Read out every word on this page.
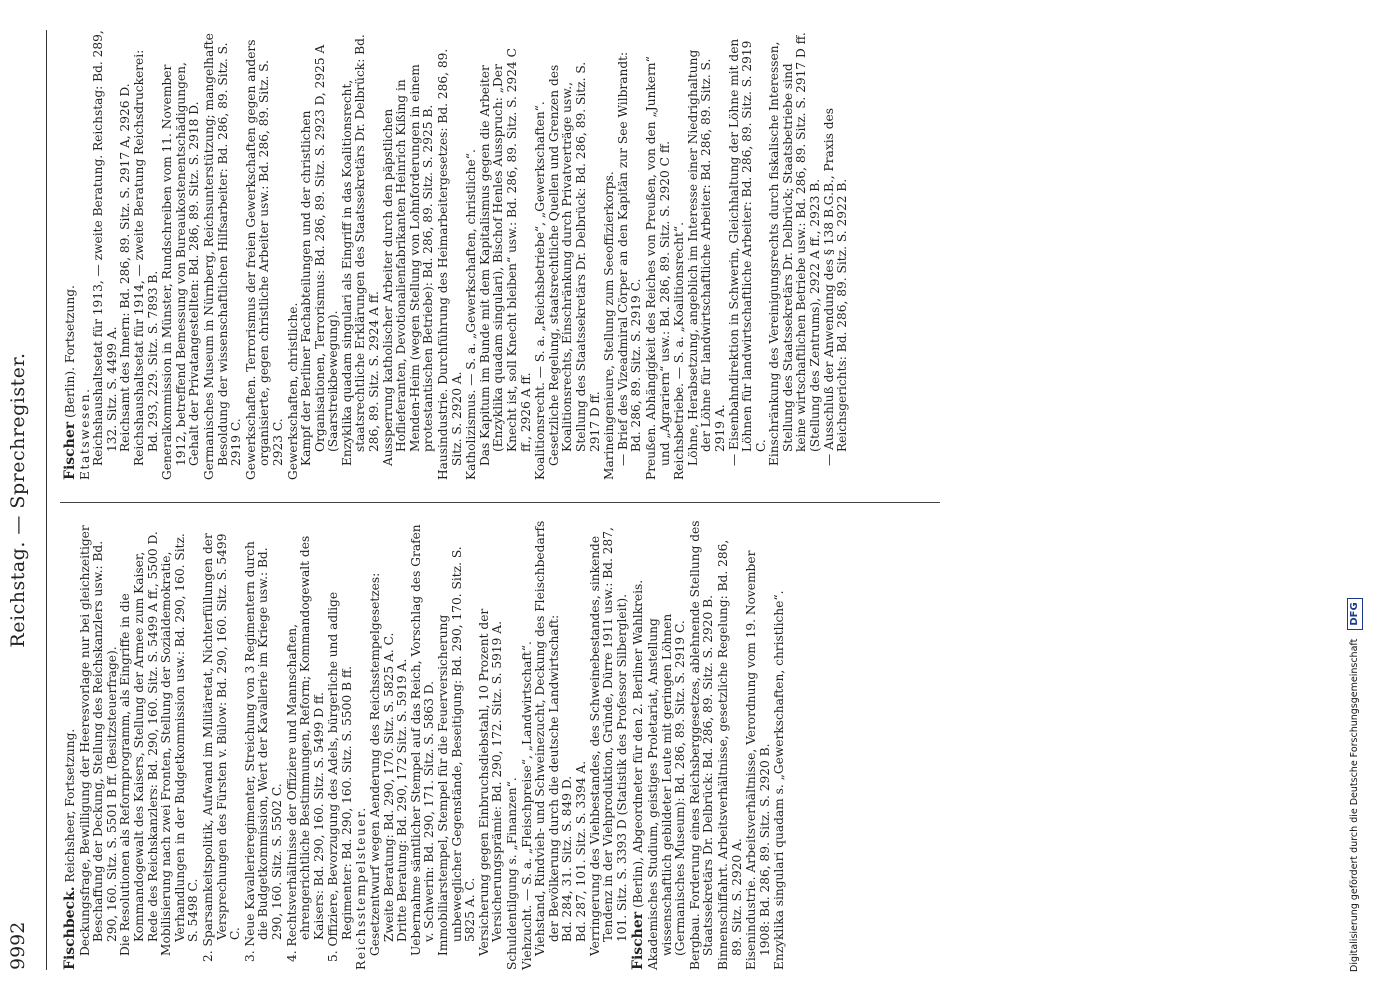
9992
Reichstag. — Sprechregister.

Fischbeck. Reichsheer, Fortsetzung. Deckungsfrage, Bewilligung der Heeresvorlage nur bei gleichzeitiger Beschaffung der Deckung, Stellung des Reichskanzlers usw.: Bd. 290, 160. Sitz. S. 5501 B ff. (Besitzsteuerfrage). Die Resolutionen als Reformprogramm, als Eingriffe in die Kommandogewalt des Kaisers, Stellung der Armee zum Kaiser, Rede des Reichskanzlers: Bd. 290, 160. Sitz. S. 5499 A ff., 5500 D. Mobilisierung nach zwei Fronten, Stellung der Sozialdemokratie, Verhandlungen in der Budgetkommission usw.: Bd. 290, 160. Sitz. S. 5498 C.

2. Sparsamkeitspolitik, Aufwand im Militäretat, Nichterfüllungen der Versprechungen des Fürsten v. Bülow: Bd. 290, 160. Sitz. S. 5499 C.

3. Neue Kavallerieregimenter, Streichung von 3 Regimentern durch die Budgetkommission, Wert der Kavallerie im Kriege usw.: Bd. 290, 160. Sitz. S. 5502 C.

4. Rechtsverhältnisse der Offiziere und Mannschaften, ehrengerichtliche Bestimmungen, Reform; Kommandogewalt des Kaisers: Bd. 290, 160. Sitz. S. 5499 D ff.

5. Offiziere, Bevorzugung des Adels, bürgerliche und adlige Regimenter: Bd. 290, 160. Sitz. S. 5500 B ff. Reichsstempelsteuer. Gesetzentwurf wegen Aenderung des Reichsstempelgesetzes: Zweite Beratung: Bd. 290, 170. Sitz. S. 5825 A. C. Dritte Beratung: Bd. 290, 172 Sitz. S. 5919 A. Uebernahme sämtlicher Stempel auf das Reich, Vorschlag des Grafen v. Schwerin: Bd. 290, 171. Sitz. S. 5863 D. Immobiliarstempel, Stempel für die Feuerversicherung unbeweglicher Gegenstände, Beseitigung: Bd. 290, 170. Sitz. S. 5825 A. C. Versicherung gegen Einbruchsdiebstahl, 10 Prozent der Versicherungsprämie: Bd. 290, 172. Sitz. S. 5919 A. Schuldentilgung s. „Finanzen“. Viehzucht. — S. a. „Fleischpreise“, „Landwirtschaft“. Viehstand, Rindvieh- und Schweinezucht, Deckung des Fleischbedarfs der Bevölkerung durch die deutsche Landwirtschaft: Bd. 284, 31. Sitz. S. 849 D. Bd. 287, 101. Sitz. S. 3394 A. Verringerung des Viehbestandes, des Schweinebestandes, sinkende Tendenz in der Viehproduktion, Gründe, Dürre 1911 usw.: Bd. 287, 101. Sitz. S. 3393 D (Statistik des Professor Silbergleit). Fischer (Berlin), Abgeordneter für den 2. Berliner Wahlkreis. Akademisches Studium, geistiges Proletariat, Anstellung wissenschaftlich gebildeter Leute mit geringen Löhnen (Germanisches Museum): Bd. 286, 89. Sitz. S. 2919 C. Bergbau. Forderung eines Reichsberggesetzes, ablehnende Stellung des Staatssekretärs Dr. Delbrück: Bd. 286, 89. Sitz. S. 2920 B. Binnenschiffahrt. Arbeitsverhältnisse, gesetzliche Regelung: Bd. 286, 89. Sitz. S. 2920 A. Eisenindustrie. Arbeitsverhältnisse, Verordnung vom 19. November 1908: Bd. 286, 89. Sitz. S. 2920 B. Enzyklika singulari quadam s. „Gewerkschaften, christliche“.

Fischer (Berlin). Fortsetzung.

Etatswesen. Reichshaushaltsetat für 1913, — zweite Beratung. Reichstag: Bd. 289, 132. Sitz. S. 4499 A. Reichsamt des Innern: Bd. 286, 89. Sitz. S. 2917 A, 2926 D. Reichshaushaltsetat für 1914, — zweite Beratung Reichsdruckerei: Bd. 293, 229. Sitz. S. 7893 B. Generalkommission in Münster, Rundschreiben vom 11. November 1912, betreffend Bemessung von Bureaukostenentschädigungen, Gehalt der Privatangestellten: Bd. 286, 89. Sitz. S. 2918 D. Germanisches Museum in Nürnberg, Reichsunterstützung; mangelhafte Besoldung der wissenschaftlichen Hilfsarbeiter: Bd. 286, 89. Sitz. S. 2919 C. Gewerkschaften. Terrorismus der freien Gewerkschaften gegen anders organisierte, gegen christliche Arbeiter usw.: Bd. 286, 89. Sitz. S. 2923 C. Gewerkschaften, christliche. Kampf der Berliner Fachabteilungen und der christlichen Organisationen, Terrorismus: Bd. 286, 89. Sitz. S. 2923 D, 2925 A (Saarstreikbewegung). Enzyklika quadam singulari als Eingriff in das Koalitionsrecht, staatsrechtliche Erklärungen des Staatssekretärs Dr. Delbrück: Bd. 286, 89. Sitz. S. 2924 A ff. Aussperrung katholischer Arbeiter durch den päpstlichen Hoflieferanten, Devotionalienfabrikanten Heinrich Kißing in Menden-Heim (wegen Stellung von Lohnforderungen in einem protestantischen Betriebe): Bd. 286, 89. Sitz. S. 2925 B. Hausindustrie. Durchführung des Heimarbeitergesetzes: Bd. 286, 89. Sitz. S. 2920 A. Katholizismus. — S. a. „Gewerkschaften, christliche“. Das Kapitum im Bunde mit dem Kapitalismus gegen die Arbeiter (Enzyklika quadam singulari), Bischof Henles Ausspruch: „Der Knecht ist, soll Knecht bleiben“ usw.: Bd. 286, 89. Sitz. S. 2924 C ff., 2926 A ff. Koalitionsrecht. — S. a. „Reichsbetriebe“, „Gewerkschaften“. Gesetzliche Regelung, staatsrechtliche Quellen und Grenzen des Koalitionsrechts, Einschränkung durch Privatverträge usw., Stellung des Staatssekretärs Dr. Delbrück: Bd. 286, 89. Sitz. S. 2917 D ff. Marineingenieure, Stellung zum Seeoffizierkorps. — Brief des Vizeadmiral Cörper an den Kapitän zur See Wilbrandt: Bd. 286, 89. Sitz. S. 2919 C. Preußen. Abhängigkeit des Reiches von Preußen, von den „Junkern“ und „Agrariern“ usw.: Bd. 286, 89. Sitz. S. 2920 C ff. Reichsbetriebe. — S. a. „Koalitionsrecht“. Löhne, Herabsetzung, angeblich im Interesse einer Niedrighaltung der Löhne für landwirtschaftliche Arbeiter: Bd. 286, 89. Sitz. S. 2919 A. — Eisenbahndirektion in Schwerin, Gleichhaltung der Löhne mit den Löhnen für landwirtschaftliche Arbeiter: Bd. 286, 89. Sitz. S. 2919 C. Einschränkung des Vereinigungsrechts durch fiskalische Interessen, Stellung des Staatssekretärs Dr. Delbrück; Staatsbetriebe sind keine wirtschaftlichen Betriebe usw.: Bd. 286, 89. Sitz. S. 2917 D ff. (Stellung des Zentrums), 2922 A ff., 2923 B. — Ausschluß der Anwendung des § 138 B.G.B., Praxis des Reichsgerichts: Bd. 286, 89. Sitz. S. 2922 B.

Digitalisierung gefördert durch die Deutsche Forschungsgemeinschaft DFG
